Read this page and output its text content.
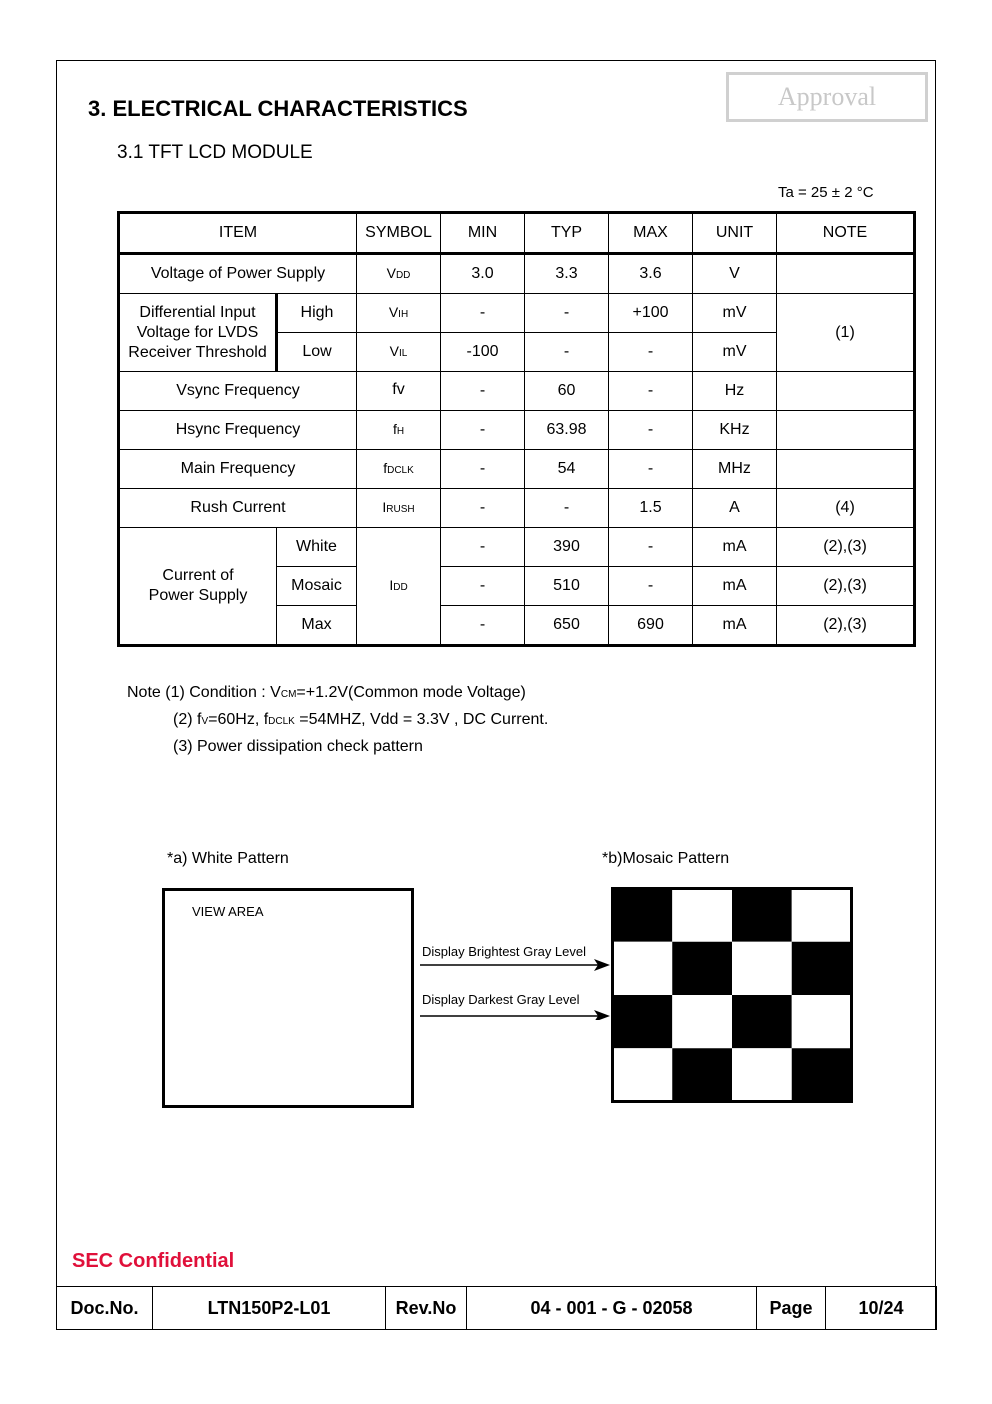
Approval
3. ELECTRICAL CHARACTERISTICS
3.1 TFT LCD MODULE
Ta = 25 ± 2 °C
ITEM		SYMBOL	MIN	TYP	MAX	UNIT	NOTE
Voltage of Power Supply		VDD	3.0	3.3	3.6	V	
Differential Input Voltage for LVDS Receiver Threshold	High	VIH	-	-	+100	mV	(1)
	Low	VIL	-100	-	-	mV	
Vsync Frequency		fv	-	60	-	Hz	
Hsync Frequency		fH	-	63.98	-	KHz	
Main Frequency		fDCLK	-	54	-	MHz	
Rush Current		IRUSH	-	-	1.5	A	(4)
Current of Power Supply	White	IDD	-	390	-	mA	(2),(3)
	Mosaic		-	510	-	mA	(2),(3)
	Max		-	650	690	mA	(2),(3)
Note (1) Condition : VCM=+1.2V(Common mode Voltage)
(2) fV=60Hz, fDCLK =54MHZ, Vdd = 3.3V , DC Current.
(3) Power dissipation check pattern
*a) White Pattern	*b)Mosaic Pattern
VIEW AREA
Display Brightest Gray Level
Display Darkest Gray Level
SEC Confidential
Doc.No.	LTN150P2-L01	Rev.No	04 - 001 - G - 02058	Page	10/24
